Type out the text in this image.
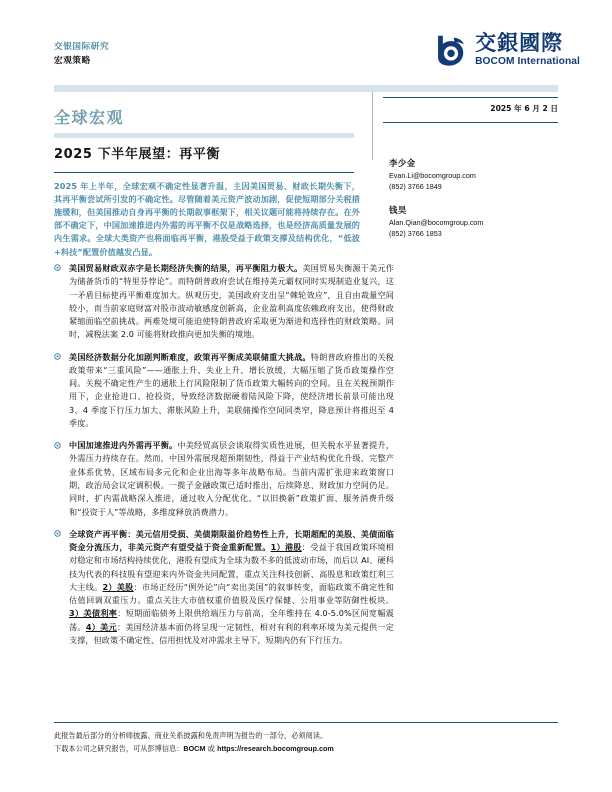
交银国际研究
宏观策略
交銀國際
BOCOM International
2025 年 6 月 2 日
全球宏观
2025 下半年展望：再平衡
2025 年上半年，全球宏观不确定性显著升温，主因美国贸易、财政长期失衡下，其再平衡尝试所引发的不确定性。尽管随着美元资产波动加剧，促使短期部分关税措施缓和，但美国推动自身再平衡的长期叙事框架下，相关议题可能将持续存在。在外部不确定下，中国加速推进内外需的再平衡不仅是战略选择，也是经济高质量发展的内生需求。全球大类资产也将面临再平衡，港股受益于政策支撑及结构优化，“低波+科技”配置价值越发凸显。
李少金
Evan.Li@bocomgroup.com
(852) 3766 1849
钱昊
Alan.Qian@bocomgroup.com
(852) 3766 1853
美国贸易财政双赤字是长期经济失衡的结果，再平衡阻力极大。美国贸易失衡源于美元作为储备货币的“特里芬悖论”。而特朗普政府尝试在维持美元霸权同时实现制造业复兴，这一矛盾目标使再平衡难度加大。纵观历史，美国政府支出呈“棘轮效应”，且自由裁量空间较小，而当前家庭财富对股市波动敏感度创新高，企业盈利高度依赖政府支出，使得财政紧缩面临空前挑战。两难处境可能迫使特朗普政府采取更为渐进和选择性的财政策略。同时，减税法案 2.0 可能将财政推向更加失衡的境地。
美国经济数据分化加剧判断难度，政策再平衡成美联储重大挑战。特朗普政府推出的关税政策带来“三重风险”——通胀上升、失业上升、增长放缓，大幅压缩了货币政策操作空间。关税不确定性产生的通胀上行风险限制了货币政策大幅转向的空间。且在关税预期作用下，企业抢进口、抢投资，导致经济数据硬着陆风险下降，使经济增长前景可能出现 3、4 季度下行压力加大、滞胀风险上升，美联储操作空间同类窄，降息预计将推迟至 4 季度。
中国加速推进内外需再平衡。中美经贸高层会谈取得实质性进展，但关税水平显著提升，外需压力持续存在。然而，中国外需展现超预期韧性，得益于产业结构优化升级、完整产业体系优势、区域布局多元化和企业出海等多年战略布局。当前内需扩张迎来政策窗口期，政治局会议定调积极。一揽子金融政策已适时推出，后续降息、财政加力空间仍足。同时，扩内需战略深入推进，通过收入分配优化、“以旧换新”政策扩面、服务消费升级和“投资于人”等战略，多维度释放消费潜力。
全球资产再平衡：美元信用受损、美债期限溢价趋势性上升，长期超配的美股、美债面临资金分流压力，非美元资产有望受益于资金重新配置。1）港股：受益于我国政策环境相对稳定和市场结构持续优化，港股有望成为全球为数不多的低波动市场，而后以 AI、硬科技为代表的科技股有望迎来内外资金共同配置，重点关注科技创新、高股息和政策红利三大主线。2）美股：市场正经历“例外论”向“卖出美国”的叙事转变，面临政策不确定性和估值回调双重压力。重点关注大市值权重价值股及医疗保健、公用事业等防御性板块。3）美债利率：短期面临债务上限供给端压力与前高，全年维持在 4.0-5.0%区间宽幅震荡。4）美元：美国经济基本面仍将呈现一定韧性，相对有利的利率环境为美元提供一定支撑，但政策不确定性、信用担忧及对冲需求主导下，短期内仍有下行压力。
此报告最后部分的分析师披露、商业关系披露和免责声明为报告的一部分，必须阅读。
下载本公司之研究报告，可从彭博信息：BOCM 或 https://research.bocomgroup.com
